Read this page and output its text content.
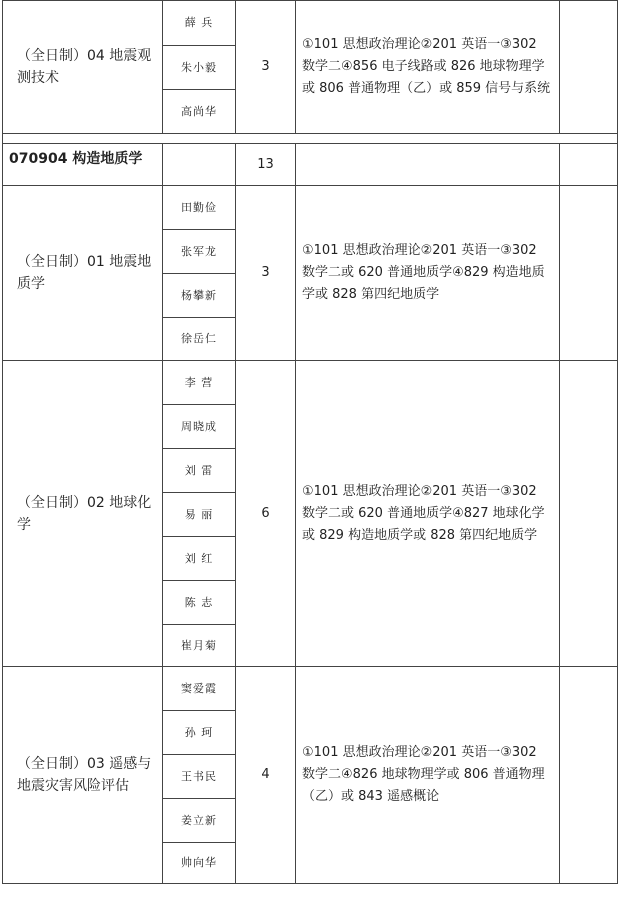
（全日制）04 地震观测技术	薛 兵	3	①101 思想政治理论②201 英语一③302 数学二④856 电子线路或 826 地球物理学或 806 普通物理（乙）或 859 信号与系统	
	朱小毅			
	高尚华			

070904 构造地质学		13		
（全日制）01 地震地质学	田勤俭	3	①101 思想政治理论②201 英语一③302 数学二或 620 普通地质学④829 构造地质学或 828 第四纪地质学	
	张军龙			
	杨攀新			
	徐岳仁			
（全日制）02 地球化学	李 营	6	①101 思想政治理论②201 英语一③302 数学二或 620 普通地质学④827 地球化学或 829 构造地质学或 828 第四纪地质学	
	周晓成			
	刘 雷			
	易 丽			
	刘 红			
	陈 志			
	崔月菊			
（全日制）03 遥感与地震灾害风险评估	窦爱霞	4	①101 思想政治理论②201 英语一③302 数学二④826 地球物理学或 806 普通物理（乙）或 843 遥感概论	
	孙 珂			
	王书民			
	姜立新			
	帅向华			
